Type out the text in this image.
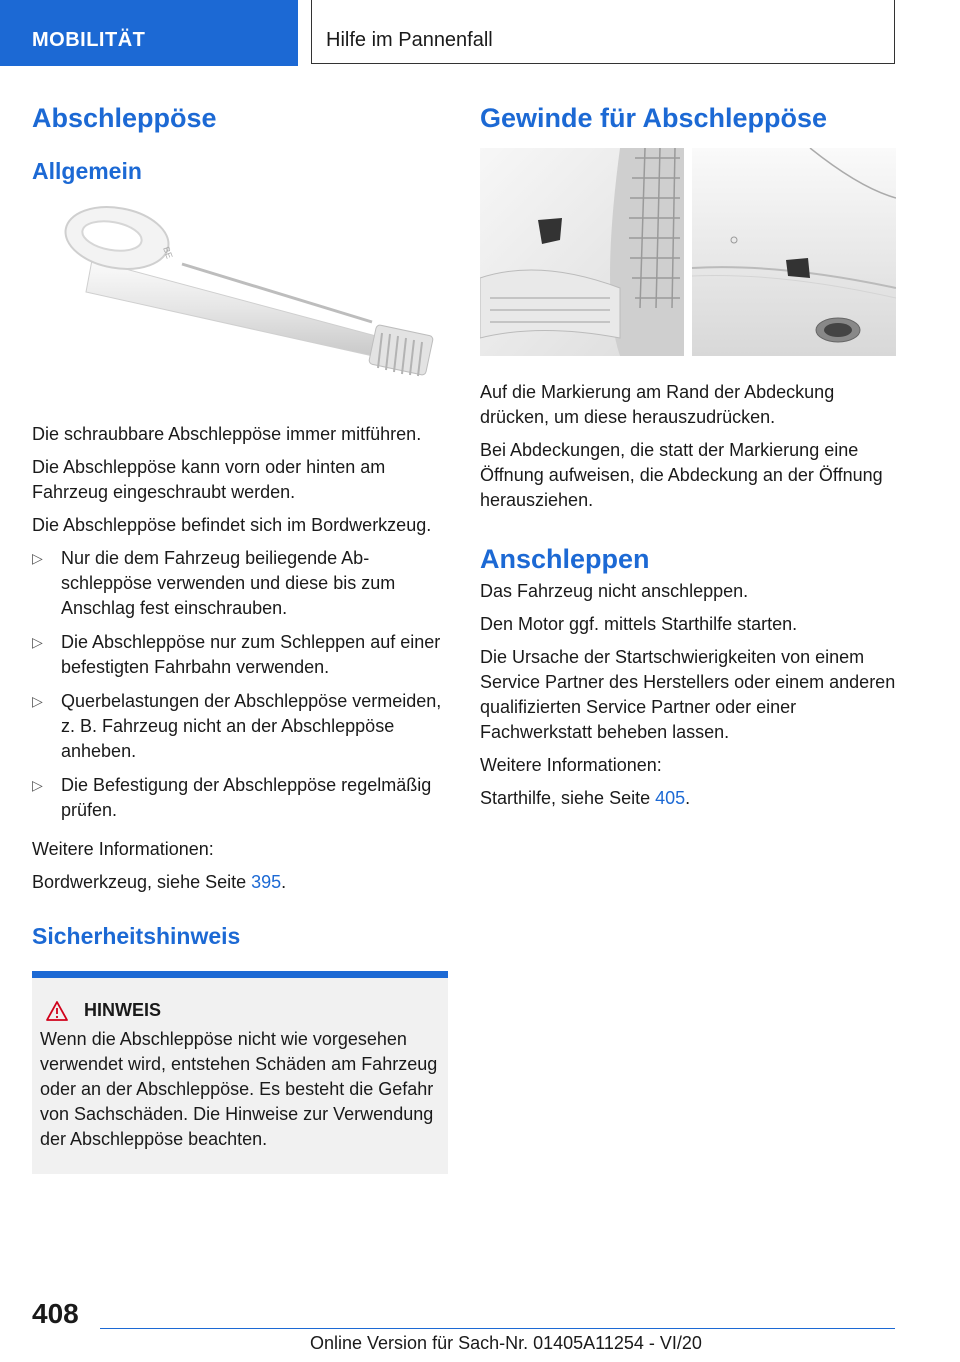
MOBILITÄT	Hilfe im Pannenfall
Abschleppöse
Allgemein
BE

Die schraubbare Abschleppöse immer mitführen.

Die Abschleppöse kann vorn oder hinten am Fahrzeug eingeschraubt werden.

Die Abschleppöse befindet sich im Bordwerkzeug.

▷ Nur die dem Fahrzeug beiliegende Abschleppöse verwenden und diese bis zum Anschlag fest einschrauben.
▷ Die Abschleppöse nur zum Schleppen auf einer befestigten Fahrbahn verwenden.
▷ Querbelastungen der Abschleppöse vermeiden, z. B. Fahrzeug nicht an der Abschleppöse anheben.
▷ Die Befestigung der Abschleppöse regelmäßig prüfen.

Weitere Informationen:

Bordwerkzeug, siehe Seite 395.

Sicherheitshinweis
HINWEIS

Wenn die Abschleppöse nicht wie vorgesehen verwendet wird, entstehen Schäden am Fahrzeug oder an der Abschleppöse. Es besteht die Gefahr von Sachschäden. Die Hinweise zur Verwendung der Abschleppöse beachten.

Gewinde für Abschleppöse

Auf die Markierung am Rand der Abdeckung drücken, um diese herauszudrücken.

Bei Abdeckungen, die statt der Markierung eine Öffnung aufweisen, die Abdeckung an der Öffnung herausziehen.

Anschleppen

Das Fahrzeug nicht anschleppen.

Den Motor ggf. mittels Starthilfe starten.

Die Ursache der Startschwierigkeiten von einem Service Partner des Herstellers oder einem anderen qualifizierten Service Partner oder einer Fachwerkstatt beheben lassen.

Weitere Informationen:

Starthilfe, siehe Seite 405.

408
Online Version für Sach-Nr. 01405A11254 - VI/20
